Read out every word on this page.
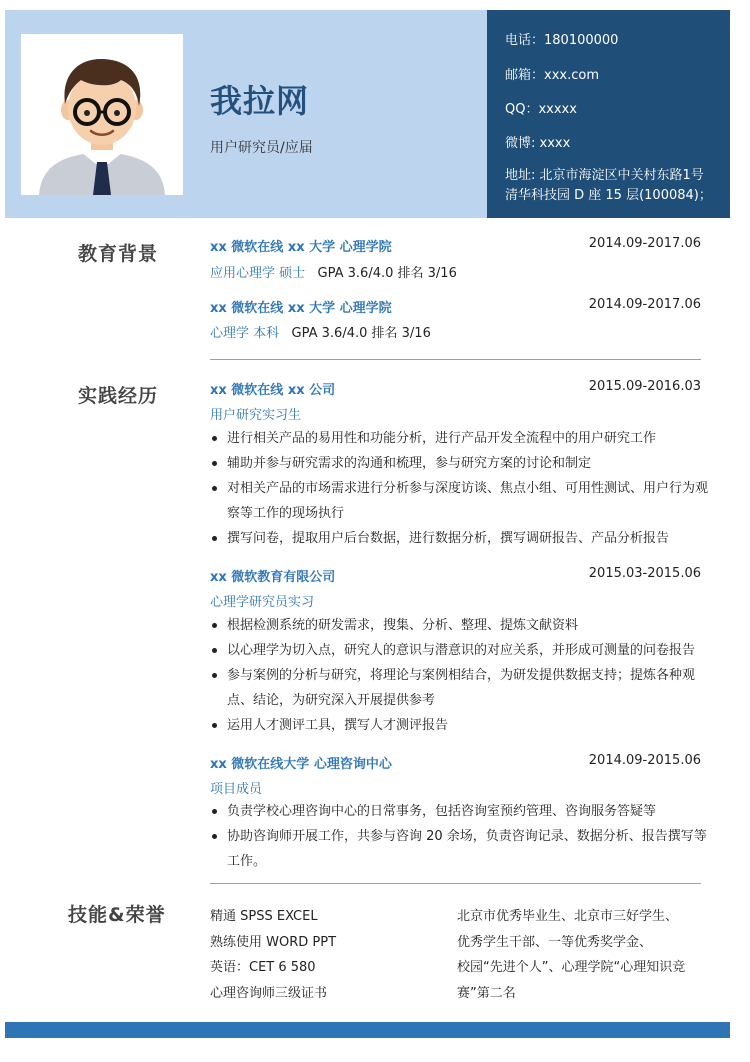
我拉网
用户研究员/应届
电话：180100000
邮箱：xxx.com
QQ：xxxxx
微博: xxxx
地址: 北京市海淀区中关村东路1号
清华科技园 D 座 15 层(100084)；
教育背景	xx 微软在线 xx 大学 心理学院	2014.09-2017.06
应用心理学 硕士 GPA 3.6/4.0 排名 3/16
xx 微软在线 xx 大学 心理学院	2014.09-2017.06
心理学 本科 GPA 3.6/4.0 排名 3/16
实践经历	xx 微软在线 xx 公司	2015.09-2016.03
用户研究实习生
进行相关产品的易用性和功能分析，进行产品开发全流程中的用户研究工作
辅助并参与研究需求的沟通和梳理，参与研究方案的讨论和制定
对相关产品的市场需求进行分析参与深度访谈、焦点小组、可用性测试、用户行为观察等工作的现场执行
撰写问卷，提取用户后台数据，进行数据分析，撰写调研报告、产品分析报告
xx 微软教育有限公司	2015.03-2015.06
心理学研究员实习
根据检测系统的研发需求，搜集、分析、整理、提炼文献资料
以心理学为切入点，研究人的意识与潜意识的对应关系，并形成可测量的问卷报告
参与案例的分析与研究，将理论与案例相结合，为研发提供数据支持；提炼各种观点、结论，为研究深入开展提供参考
运用人才测评工具，撰写人才测评报告
xx 微软在线大学 心理咨询中心	2014.09-2015.06
项目成员
负责学校心理咨询中心的日常事务，包括咨询室预约管理、咨询服务答疑等
协助咨询师开展工作，共参与咨询 20 余场，负责咨询记录、数据分析、报告撰写等工作。
技能&荣誉	精通 SPSS EXCEL
熟练使用 WORD PPT
英语：CET 6 580
心理咨询师三级证书
北京市优秀毕业生、北京市三好学生、
优秀学生干部、一等优秀奖学金、
校园“先进个人”、心理学院“心理知识竞
赛”第二名
